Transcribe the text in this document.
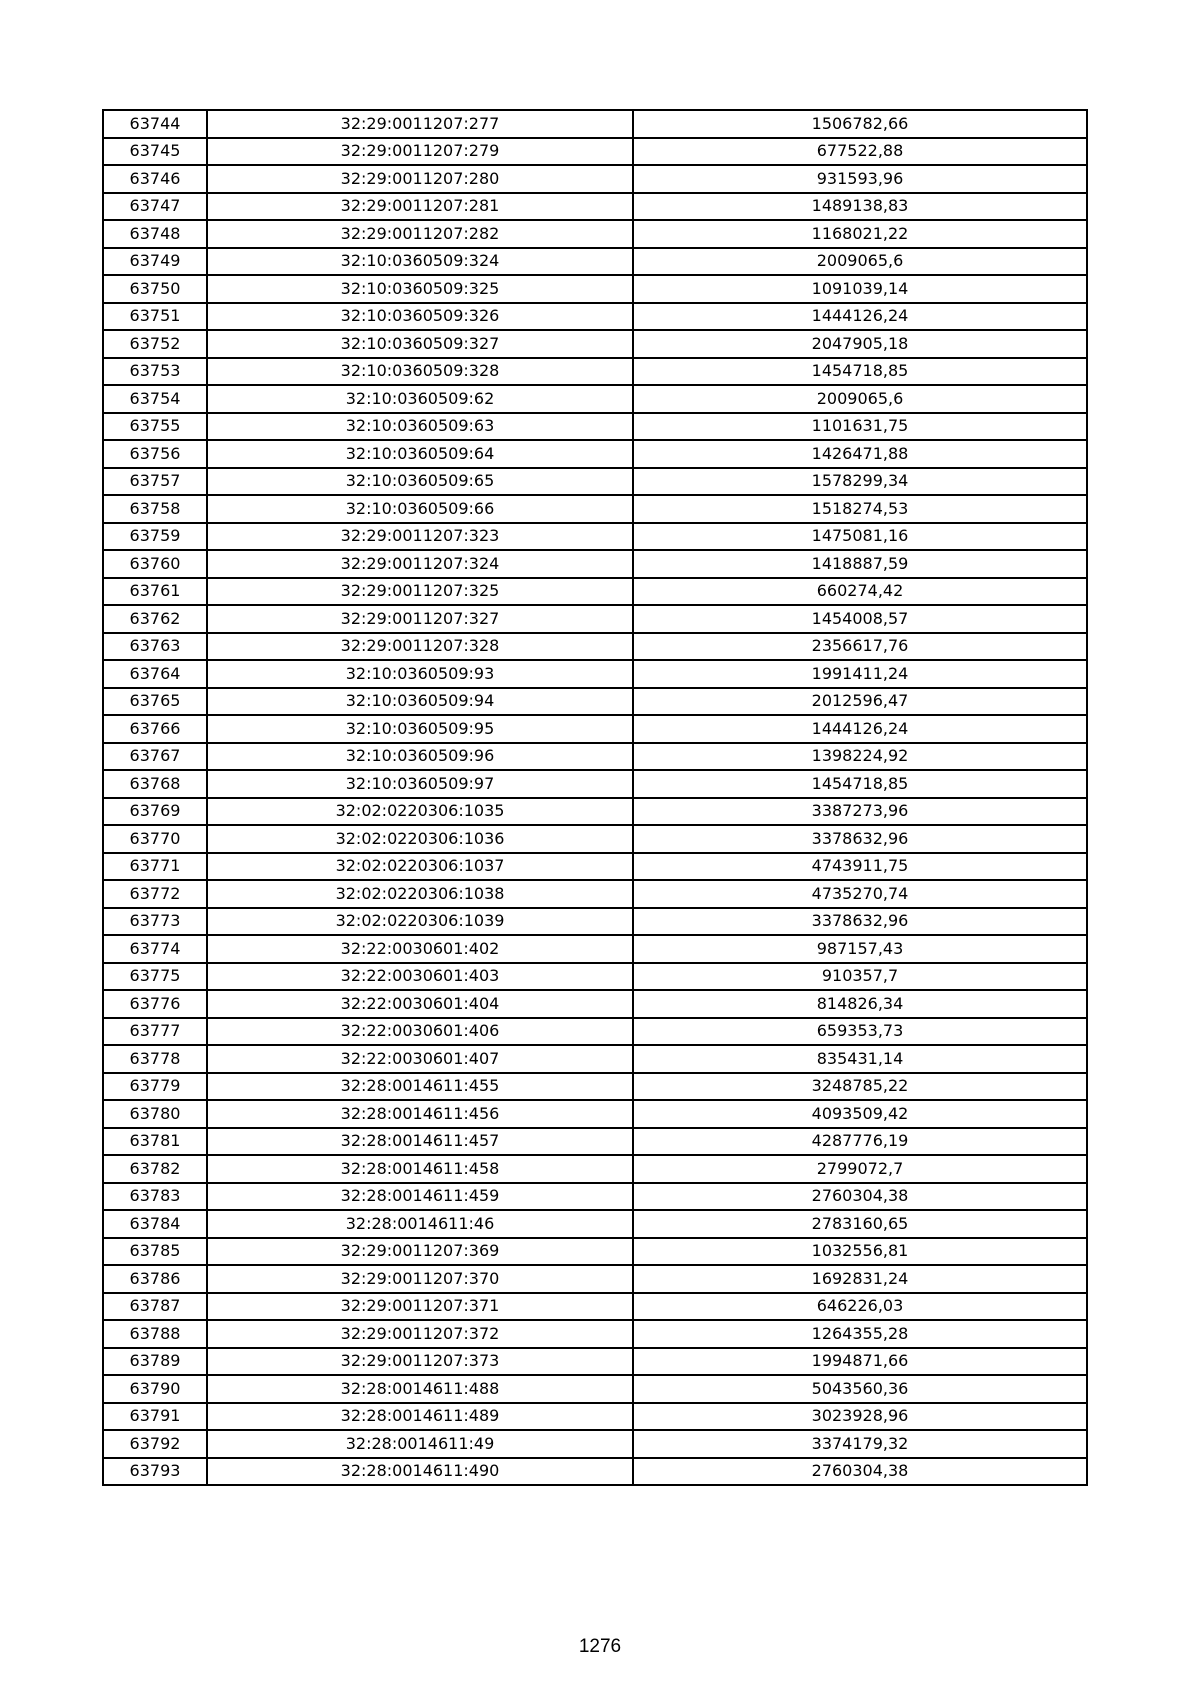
63744	32:29:0011207:277	1506782,66
63745	32:29:0011207:279	677522,88
63746	32:29:0011207:280	931593,96
63747	32:29:0011207:281	1489138,83
63748	32:29:0011207:282	1168021,22
63749	32:10:0360509:324	2009065,6
63750	32:10:0360509:325	1091039,14
63751	32:10:0360509:326	1444126,24
63752	32:10:0360509:327	2047905,18
63753	32:10:0360509:328	1454718,85
63754	32:10:0360509:62	2009065,6
63755	32:10:0360509:63	1101631,75
63756	32:10:0360509:64	1426471,88
63757	32:10:0360509:65	1578299,34
63758	32:10:0360509:66	1518274,53
63759	32:29:0011207:323	1475081,16
63760	32:29:0011207:324	1418887,59
63761	32:29:0011207:325	660274,42
63762	32:29:0011207:327	1454008,57
63763	32:29:0011207:328	2356617,76
63764	32:10:0360509:93	1991411,24
63765	32:10:0360509:94	2012596,47
63766	32:10:0360509:95	1444126,24
63767	32:10:0360509:96	1398224,92
63768	32:10:0360509:97	1454718,85
63769	32:02:0220306:1035	3387273,96
63770	32:02:0220306:1036	3378632,96
63771	32:02:0220306:1037	4743911,75
63772	32:02:0220306:1038	4735270,74
63773	32:02:0220306:1039	3378632,96
63774	32:22:0030601:402	987157,43
63775	32:22:0030601:403	910357,7
63776	32:22:0030601:404	814826,34
63777	32:22:0030601:406	659353,73
63778	32:22:0030601:407	835431,14
63779	32:28:0014611:455	3248785,22
63780	32:28:0014611:456	4093509,42
63781	32:28:0014611:457	4287776,19
63782	32:28:0014611:458	2799072,7
63783	32:28:0014611:459	2760304,38
63784	32:28:0014611:46	2783160,65
63785	32:29:0011207:369	1032556,81
63786	32:29:0011207:370	1692831,24
63787	32:29:0011207:371	646226,03
63788	32:29:0011207:372	1264355,28
63789	32:29:0011207:373	1994871,66
63790	32:28:0014611:488	5043560,36
63791	32:28:0014611:489	3023928,96
63792	32:28:0014611:49	3374179,32
63793	32:28:0014611:490	2760304,38
1276
